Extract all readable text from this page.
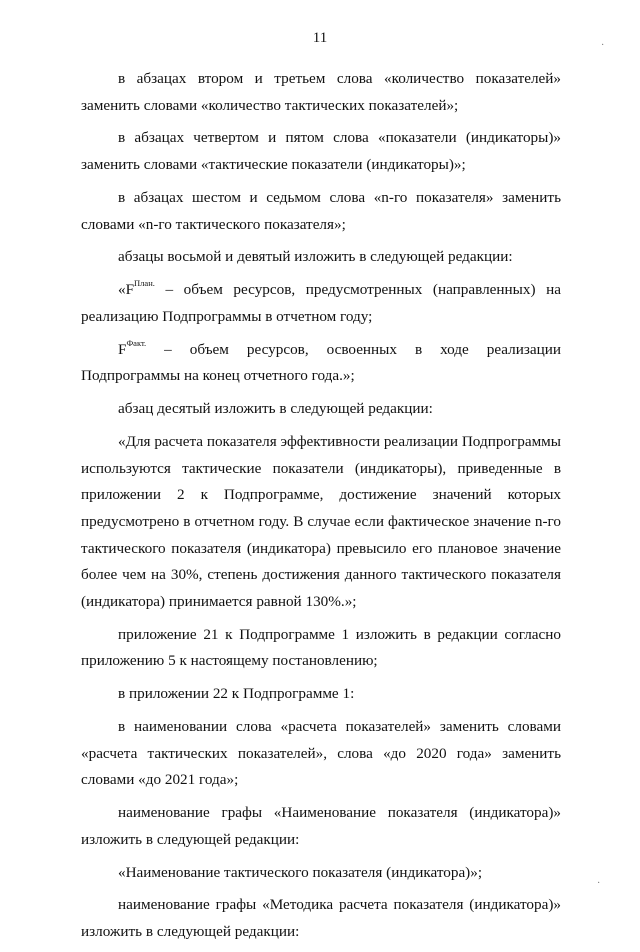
11

в абзацах втором и третьем слова «количество показателей» заменить словами «количество тактических показателей»;

в абзацах четвертом и пятом слова «показатели (индикаторы)» заменить словами «тактические показатели (индикаторы)»;

в абзацах шестом и седьмом слова «n-го показателя» заменить словами «n-го тактического показателя»;

абзацы восьмой и девятый изложить в следующей редакции:

«$F^{План.}$ – объем ресурсов, предусмотренных (направленных) на реализацию Подпрограммы в отчетном году;

$F^{Факт.}$ – объем ресурсов, освоенных в ходе реализации Подпрограммы на конец отчетного года.»;

абзац десятый изложить в следующей редакции:

«Для расчета показателя эффективности реализации Подпрограммы используются тактические показатели (индикаторы), приведенные в приложении 2 к Подпрограмме, достижение значений которых предусмотрено в отчетном году. В случае если фактическое значение n-го тактического показателя (индикатора) превысило его плановое значение более чем на 30%, степень достижения данного тактического показателя (индикатора) принимается равной 130%.»;

приложение 21 к Подпрограмме 1 изложить в редакции согласно приложению 5 к настоящему постановлению;

в приложении 22 к Подпрограмме 1:

в наименовании слова «расчета показателей» заменить словами «расчета тактических показателей», слова «до 2020 года» заменить словами «до 2021 года»;

наименование графы «Наименование показателя (индикатора)» изложить в следующей редакции:

«Наименование тактического показателя (индикатора)»;

наименование графы «Методика расчета показателя (индикатора)» изложить в следующей редакции:

·
·
